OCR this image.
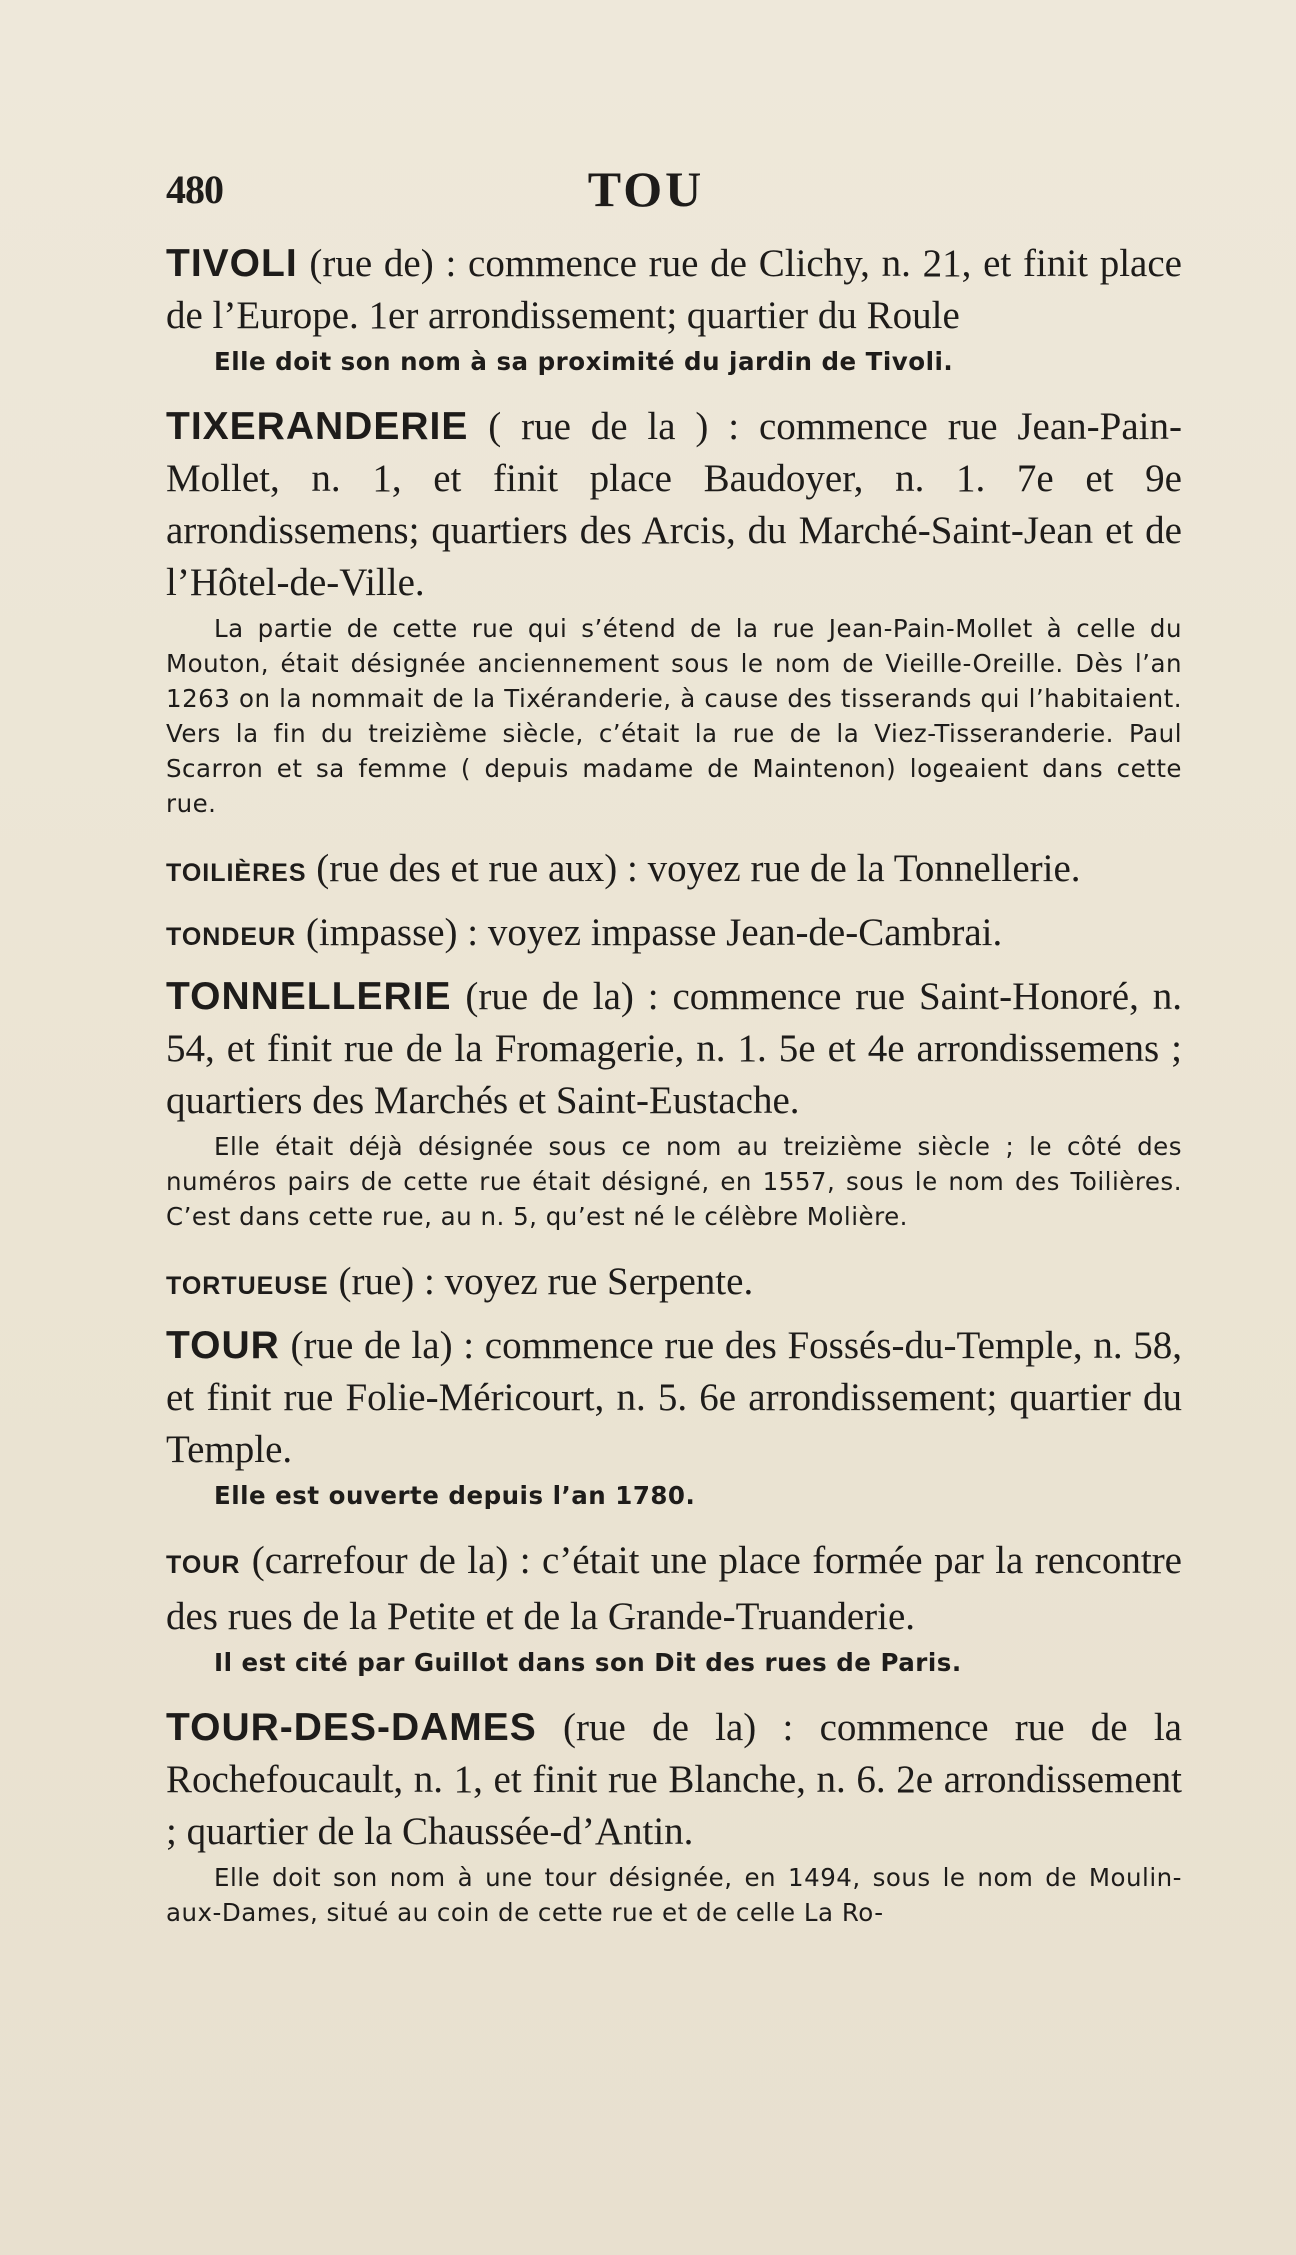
480	TOU

TIVOLI (rue de) : commence rue de Clichy, n. 21, et finit place de l’Europe. 1er arrondissement; quartier du Roule

Elle doit son nom à sa proximité du jardin de Tivoli.

TIXERANDERIE ( rue de la ) : commence rue Jean-Pain-Mollet, n. 1, et finit place Baudoyer, n. 1. 7e et 9e arrondissemens; quartiers des Arcis, du Marché-Saint-Jean et de l’Hôtel-de-Ville.

La partie de cette rue qui s’étend de la rue Jean-Pain-Mollet à celle du Mouton, était désignée anciennement sous le nom de Vieille-Oreille. Dès l’an 1263 on la nommait de la Tixéranderie, à cause des tisserands qui l’habitaient. Vers la fin du treizième siècle, c’était la rue de la Viez-Tisseranderie. Paul Scarron et sa femme ( depuis madame de Maintenon) logeaient dans cette rue.

TOILIÈRES (rue des et rue aux) : voyez rue de la Tonnellerie.

TONDEUR (impasse) : voyez impasse Jean-de-Cambrai.

TONNELLERIE (rue de la) : commence rue Saint-Honoré, n. 54, et finit rue de la Fromagerie, n. 1. 5e et 4e arrondissemens ; quartiers des Marchés et Saint-Eustache.

Elle était déjà désignée sous ce nom au treizième siècle ; le côté des numéros pairs de cette rue était désigné, en 1557, sous le nom des Toilières. C’est dans cette rue, au n. 5, qu’est né le célèbre Molière.

TORTUEUSE (rue) : voyez rue Serpente.

TOUR (rue de la) : commence rue des Fossés-du-Temple, n. 58, et finit rue Folie-Méricourt, n. 5. 6e arrondissement; quartier du Temple.

Elle est ouverte depuis l’an 1780.

TOUR (carrefour de la) : c’était une place formée par la rencontre des rues de la Petite et de la Grande-Truanderie.

Il est cité par Guillot dans son Dit des rues de Paris.

TOUR-DES-DAMES (rue de la) : commence rue de la Rochefoucault, n. 1, et finit rue Blanche, n. 6. 2e arrondissement ; quartier de la Chaussée-d’Antin.

Elle doit son nom à une tour désignée, en 1494, sous le nom de Moulin-aux-Dames, situé au coin de cette rue et de celle La Ro-
